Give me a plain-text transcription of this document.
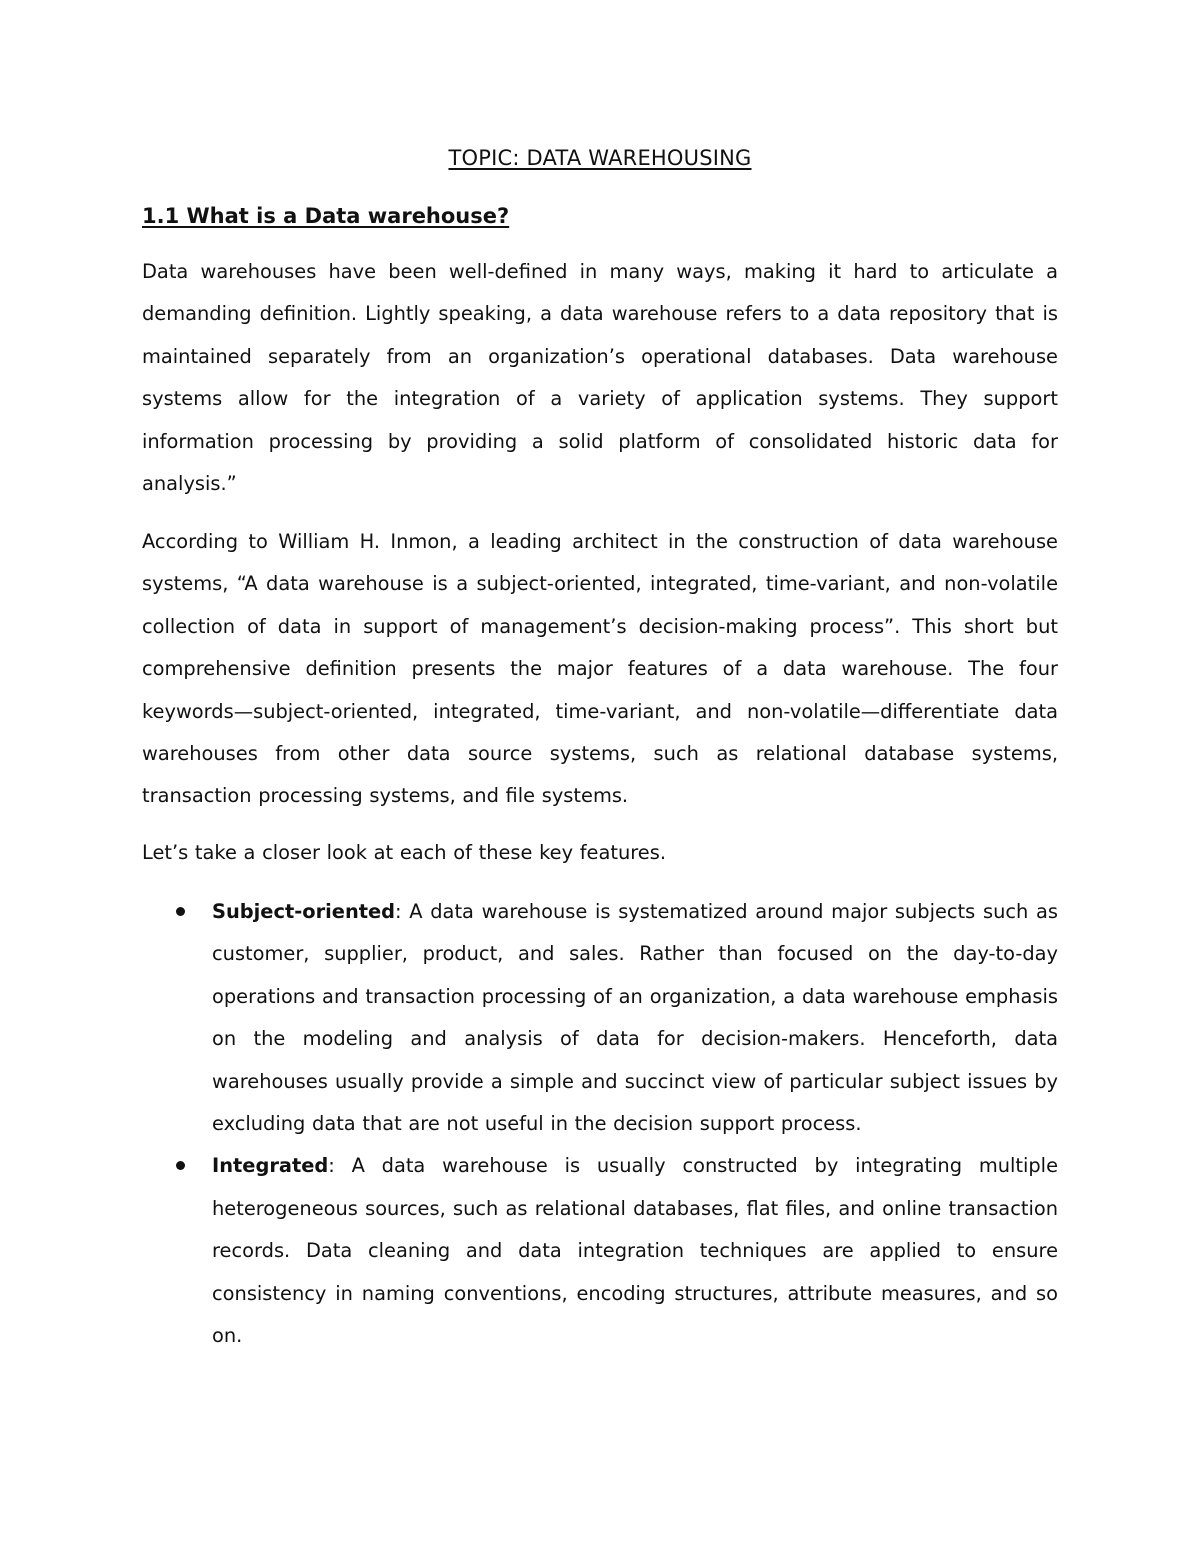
TOPIC: DATA WAREHOUSING
1.1 What is a Data warehouse?

Data warehouses have been well-defined in many ways, making it hard to articulate a demanding definition. Lightly speaking, a data warehouse refers to a data repository that is maintained separately from an organization’s operational databases. Data warehouse systems allow for the integration of a variety of application systems. They support information processing by providing a solid platform of consolidated historic data for analysis.”

According to William H. Inmon, a leading architect in the construction of data warehouse systems, “A data warehouse is a subject-oriented, integrated, time-variant, and non-volatile collection of data in support of management’s decision-making process”. This short but comprehensive definition presents the major features of a data warehouse. The four keywords—subject-oriented, integrated, time-variant, and non-volatile—differentiate data warehouses from other data source systems, such as relational database systems, transaction processing systems, and file systems.

Let’s take a closer look at each of these key features.

Subject-oriented: A data warehouse is systematized around major subjects such as customer, supplier, product, and sales. Rather than focused on the day-to-day operations and transaction processing of an organization, a data warehouse emphasis on the modeling and analysis of data for decision-makers. Henceforth, data warehouses usually provide a simple and succinct view of particular subject issues by excluding data that are not useful in the decision support process.
Integrated: A data warehouse is usually constructed by integrating multiple heterogeneous sources, such as relational databases, flat files, and online transaction records. Data cleaning and data integration techniques are applied to ensure consistency in naming conventions, encoding structures, attribute measures, and so on.
